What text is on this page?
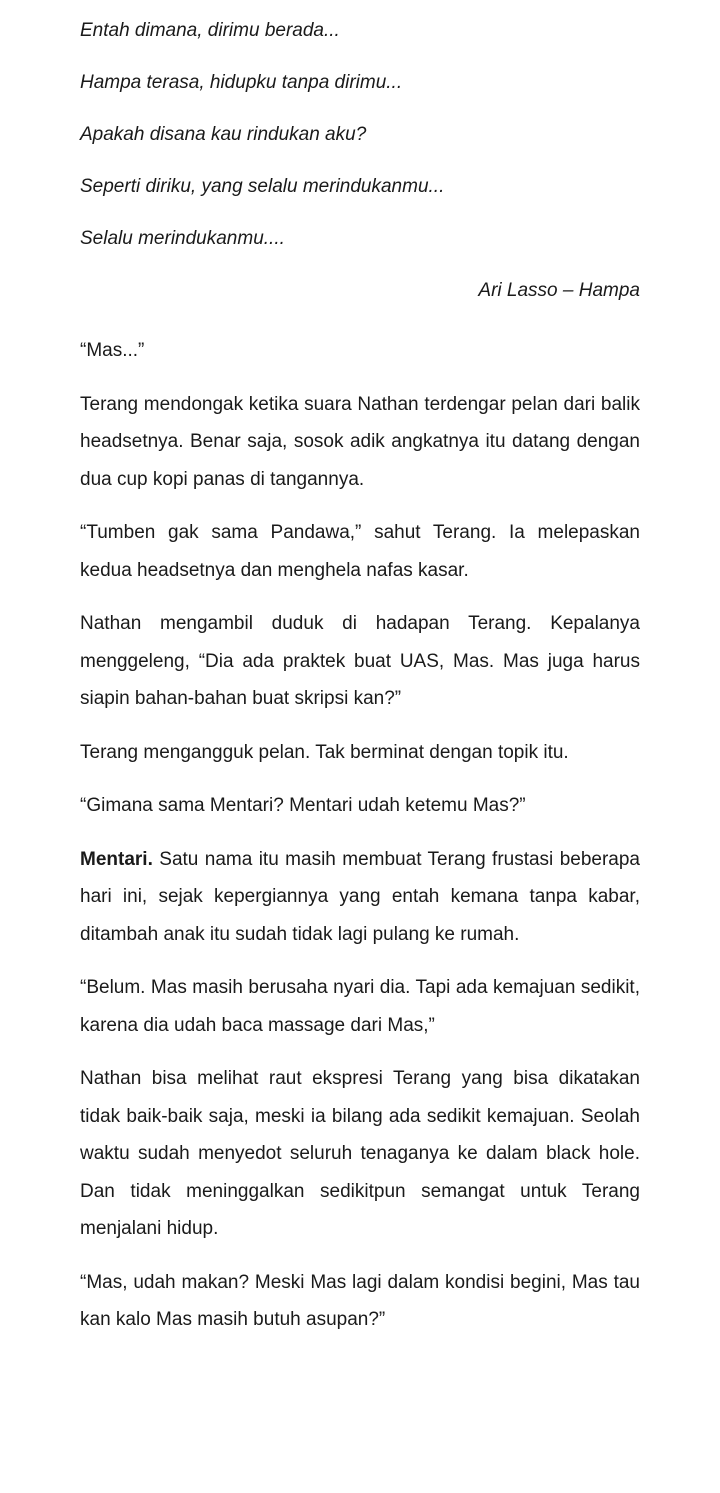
Entah dimana, dirimu berada...

Hampa terasa, hidupku tanpa dirimu...

Apakah disana kau rindukan aku?

Seperti diriku, yang selalu merindukanmu...

Selalu merindukanmu....

Ari Lasso – Hampa

“Mas...”

Terang mendongak ketika suara Nathan terdengar pelan dari balik headsetnya. Benar saja, sosok adik angkatnya itu datang dengan dua cup kopi panas di tangannya.

“Tumben gak sama Pandawa,” sahut Terang. Ia melepaskan kedua headsetnya dan menghela nafas kasar.

Nathan mengambil duduk di hadapan Terang. Kepalanya menggeleng, “Dia ada praktek buat UAS, Mas. Mas juga harus siapin bahan-bahan buat skripsi kan?”

Terang mengangguk pelan. Tak berminat dengan topik itu.

“Gimana sama Mentari? Mentari udah ketemu Mas?”

Mentari. Satu nama itu masih membuat Terang frustasi beberapa hari ini, sejak kepergiannya yang entah kemana tanpa kabar, ditambah anak itu sudah tidak lagi pulang ke rumah.

“Belum. Mas masih berusaha nyari dia. Tapi ada kemajuan sedikit, karena dia udah baca massage dari Mas,”

Nathan bisa melihat raut ekspresi Terang yang bisa dikatakan tidak baik-baik saja, meski ia bilang ada sedikit kemajuan. Seolah waktu sudah menyedot seluruh tenaganya ke dalam black hole. Dan tidak meninggalkan sedikitpun semangat untuk Terang menjalani hidup.

“Mas, udah makan? Meski Mas lagi dalam kondisi begini, Mas tau kan kalo Mas masih butuh asupan?”
